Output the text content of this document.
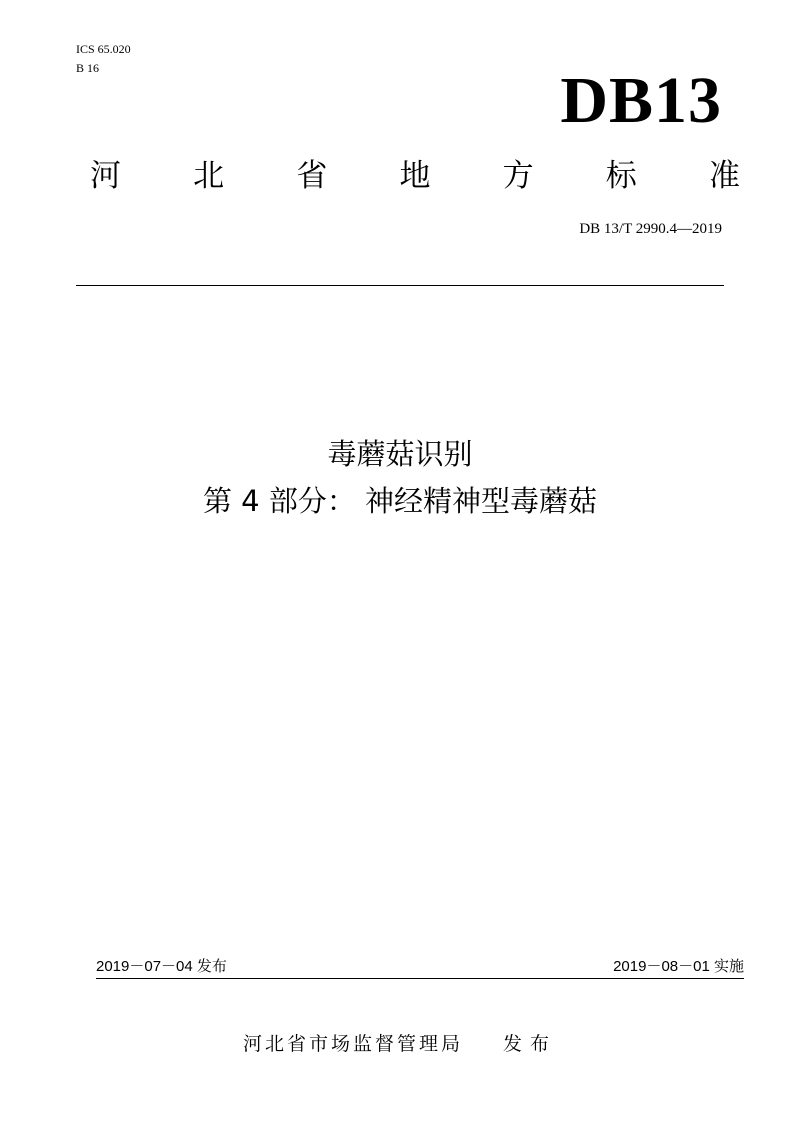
ICS 65.020
B 16	DB13
河 北 省 地 方 标 准
DB 13/T 2990.4—2019
毒蘑菇识别
第 4 部分： 神经精神型毒蘑菇
2019－07－04 发布	2019－08－01 实施
河北省市场监督管理局 发布
